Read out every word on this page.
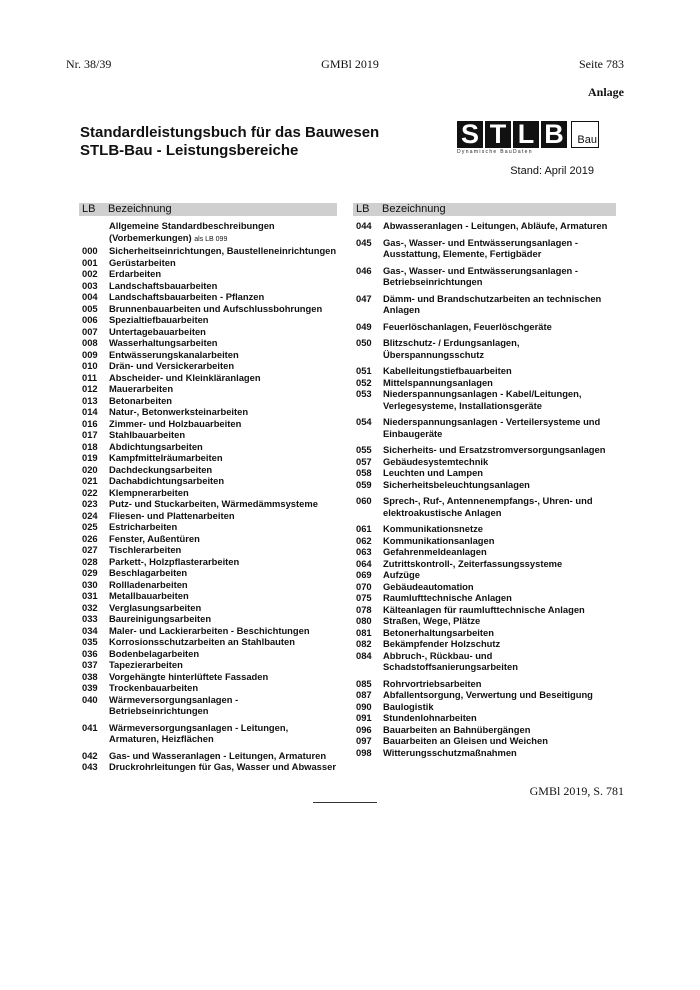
Nr. 38/39	GMBl 2019	Seite 783
Anlage
Standardleistungsbuch für das Bauwesen
STLB-Bau - Leistungsbereiche
S T L B Bau
Dynamische BauDaten
Stand: April 2019
LB Bezeichnung
Allgemeine Standardbeschreibungen (Vorbemerkungen) als LB 099
000 Sicherheitseinrichtungen, Baustelleneinrichtungen
001 Gerüstarbeiten
002 Erdarbeiten
003 Landschaftsbauarbeiten
004 Landschaftsbauarbeiten - Pflanzen
005 Brunnenbauarbeiten und Aufschlussbohrungen
006 Spezialtiefbauarbeiten
007 Untertagebauarbeiten
008 Wasserhaltungsarbeiten
009 Entwässerungskanalarbeiten
010 Drän- und Versickerarbeiten
011 Abscheider- und Kleinkläranlagen
012 Mauerarbeiten
013 Betonarbeiten
014 Natur-, Betonwerksteinarbeiten
016 Zimmer- und Holzbauarbeiten
017 Stahlbauarbeiten
018 Abdichtungsarbeiten
019 Kampfmittelräumarbeiten
020 Dachdeckungsarbeiten
021 Dachabdichtungsarbeiten
022 Klempnerarbeiten
023 Putz- und Stuckarbeiten, Wärmedämmsysteme
024 Fliesen- und Plattenarbeiten
025 Estricharbeiten
026 Fenster, Außentüren
027 Tischlerarbeiten
028 Parkett-, Holzpflasterarbeiten
029 Beschlagarbeiten
030 Rollladenarbeiten
031 Metallbauarbeiten
032 Verglasungsarbeiten
033 Baureinigungsarbeiten
034 Maler- und Lackierarbeiten - Beschichtungen
035 Korrosionsschutzarbeiten an Stahlbauten
036 Bodenbelagarbeiten
037 Tapezierarbeiten
038 Vorgehängte hinterlüftete Fassaden
039 Trockenbauarbeiten
040 Wärmeversorgungsanlagen - Betriebseinrichtungen
041 Wärmeversorgungsanlagen - Leitungen, Armaturen, Heizflächen
042 Gas- und Wasseranlagen - Leitungen, Armaturen
043 Druckrohrleitungen für Gas, Wasser und Abwasser
LB Bezeichnung
044 Abwasseranlagen - Leitungen, Abläufe, Armaturen
045 Gas-, Wasser- und Entwässerungsanlagen - Ausstattung, Elemente, Fertigbäder
046 Gas-, Wasser- und Entwässerungsanlagen - Betriebseinrichtungen
047 Dämm- und Brandschutzarbeiten an technischen Anlagen
049 Feuerlöschanlagen, Feuerlöschgeräte
050 Blitzschutz- / Erdungsanlagen, Überspannungsschutz
051 Kabelleitungstiefbauarbeiten
052 Mittelspannungsanlagen
053 Niederspannungsanlagen - Kabel/Leitungen, Verlegesysteme, Installationsgeräte
054 Niederspannungsanlagen - Verteilersysteme und Einbaugeräte
055 Sicherheits- und Ersatzstromversorgungsanlagen
057 Gebäudesystemtechnik
058 Leuchten und Lampen
059 Sicherheitsbeleuchtungsanlagen
060 Sprech-, Ruf-, Antennenempfangs-, Uhren- und elektroakustische Anlagen
061 Kommunikationsnetze
062 Kommunikationsanlagen
063 Gefahrenmeldeanlagen
064 Zutrittskontroll-, Zeiterfassungssysteme
069 Aufzüge
070 Gebäudeautomation
075 Raumlufttechnische Anlagen
078 Kälteanlagen für raumlufttechnische Anlagen
080 Straßen, Wege, Plätze
081 Betonerhaltungsarbeiten
082 Bekämpfender Holzschutz
084 Abbruch-, Rückbau- und Schadstoffsanierungsarbeiten
085 Rohrvortriebsarbeiten
087 Abfallentsorgung, Verwertung und Beseitigung
090 Baulogistik
091 Stundenlohnarbeiten
096 Bauarbeiten an Bahnübergängen
097 Bauarbeiten an Gleisen und Weichen
098 Witterungsschutzmaßnahmen
GMBl 2019, S. 781
